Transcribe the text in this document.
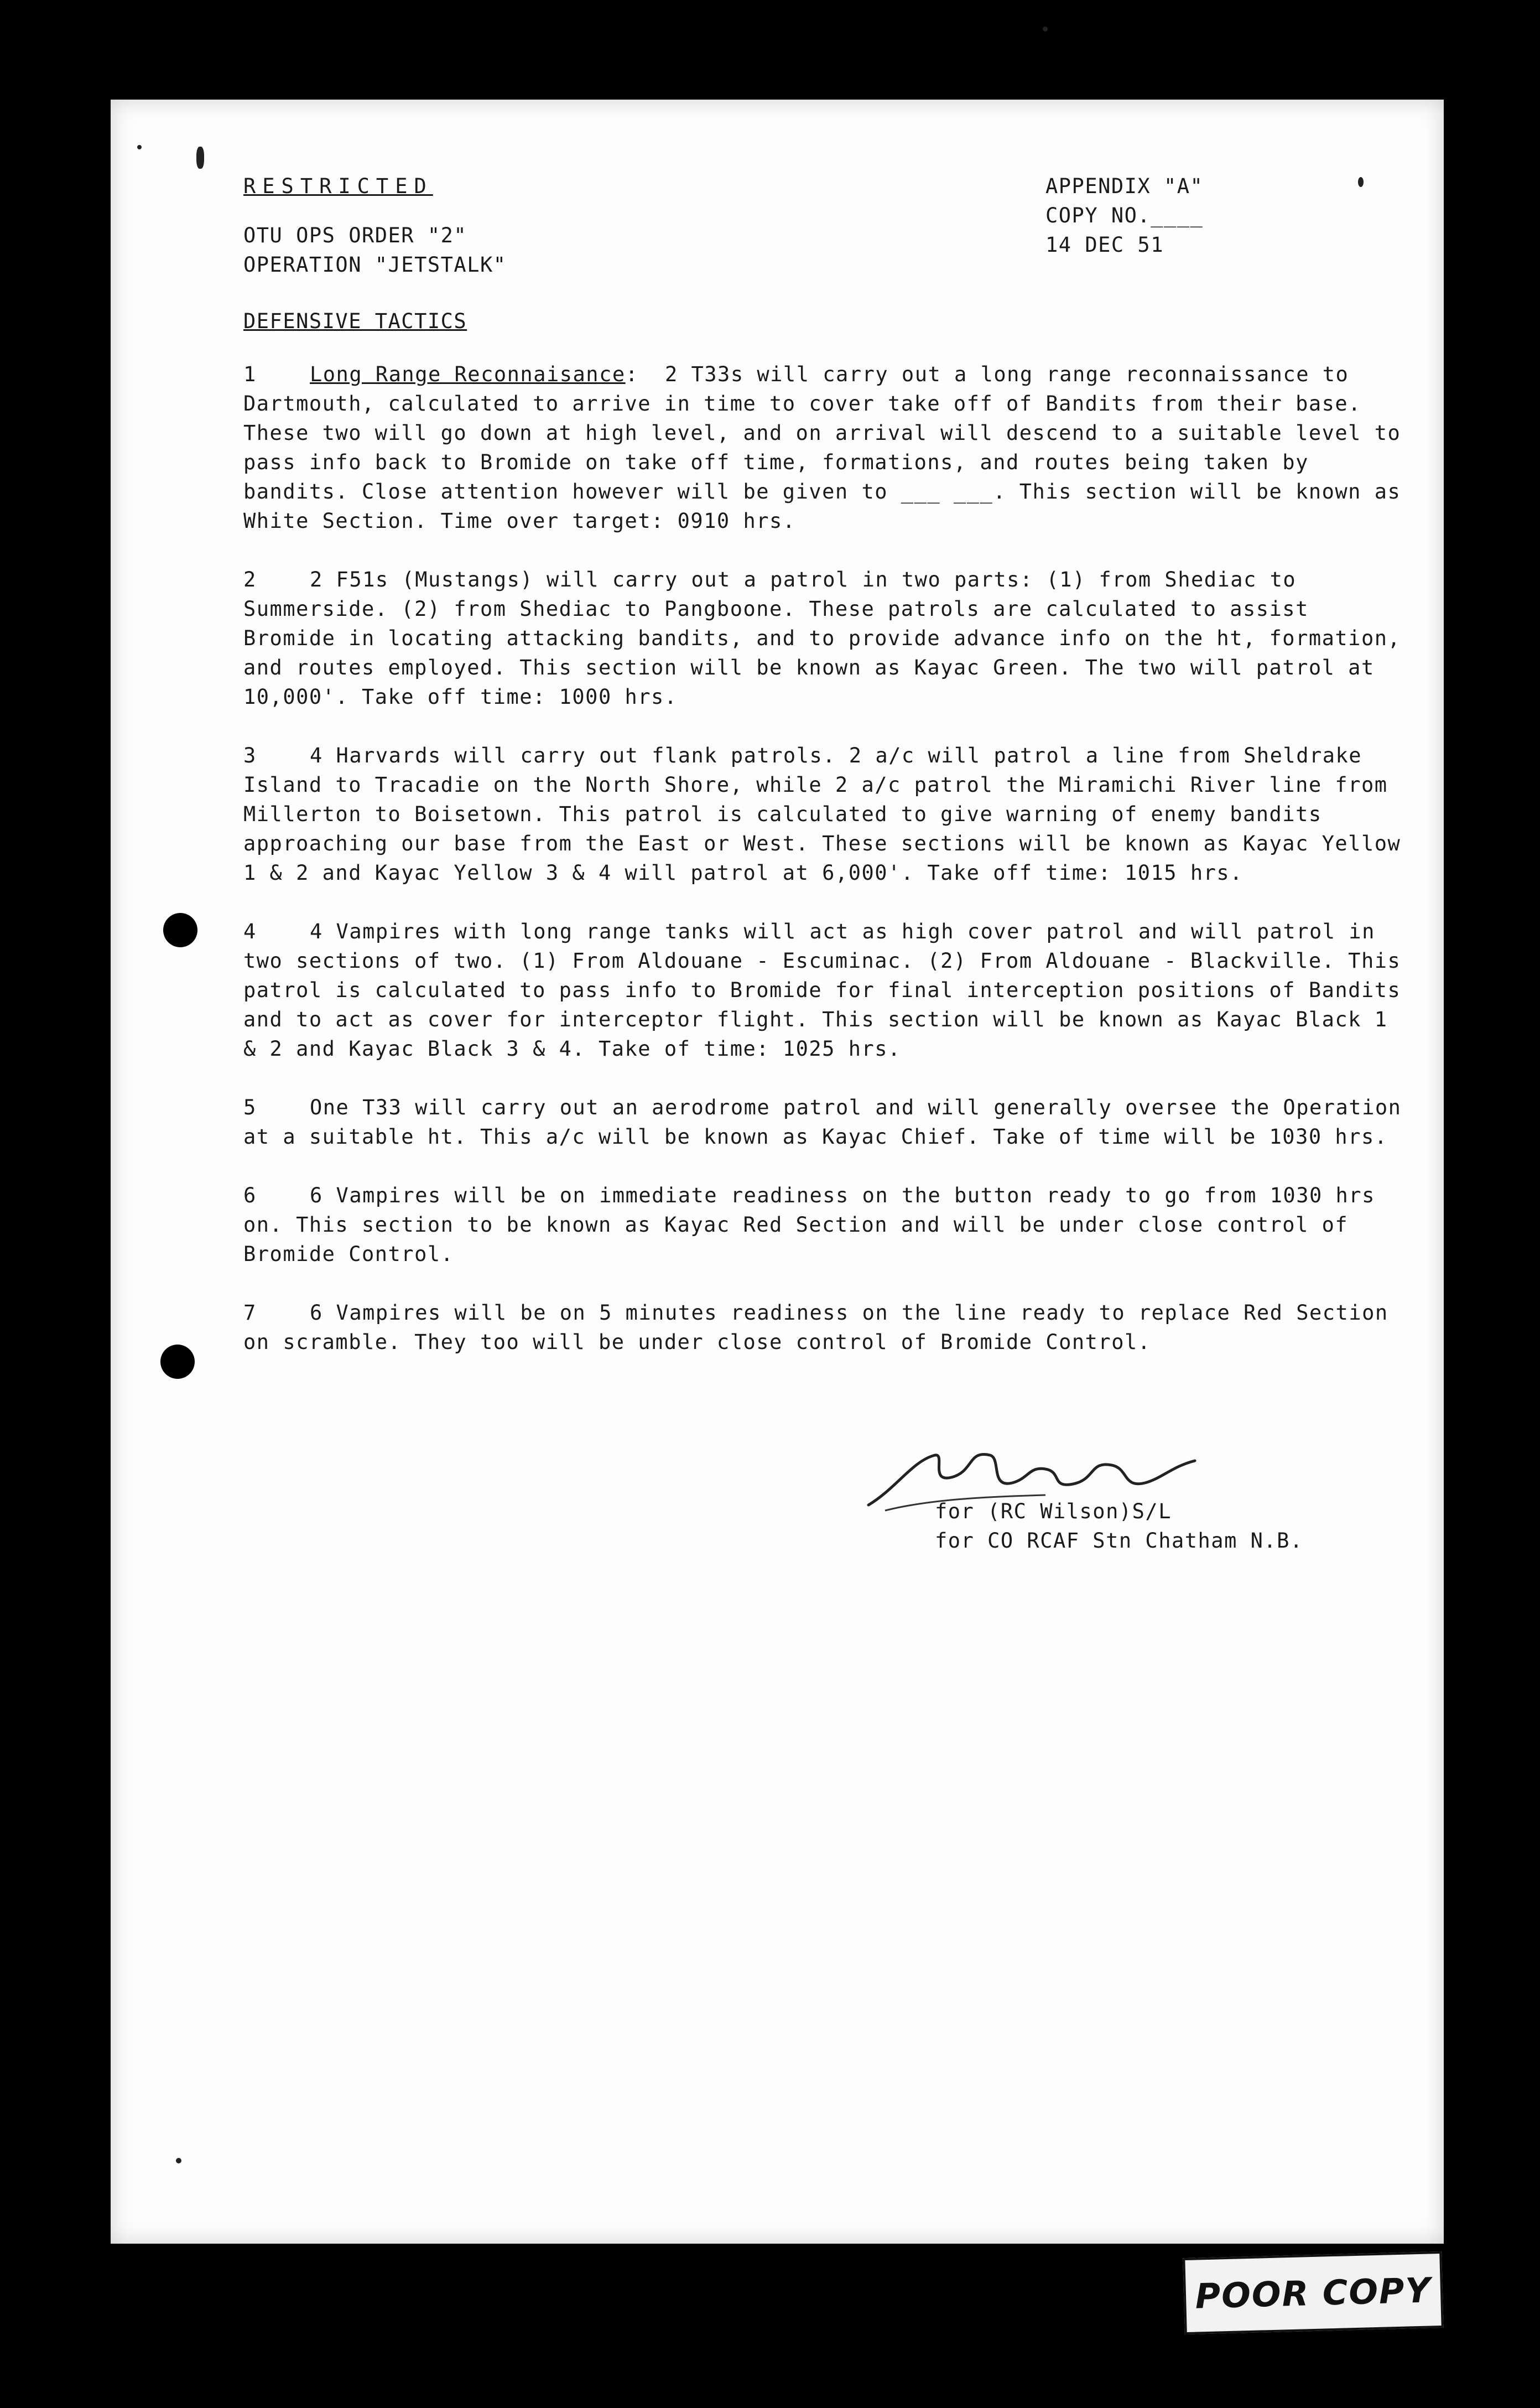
RESTRICTED
OTU OPS ORDER "2"
OPERATION "JETSTALK"
APPENDIX "A"
COPY NO.____
14 DEC 51
DEFENSIVE TACTICS

1	Long Range Reconnaisance:  2 T33s will carry out a long range reconnaissance to Dartmouth, calculated to arrive in time to cover take off of Bandits from their base. These two will go down at high level, and on arrival will descend to a suitable level to pass info back to Bromide on take off time, formations, and routes being taken by bandits. Close attention however will be given to ___ ___. This section will be known as White Section. Time over target: 0910 hrs.

2	2 F51s (Mustangs) will carry out a patrol in two parts: (1) from Shediac to Summerside. (2) from Shediac to Pangboone. These patrols are calculated to assist Bromide in locating attacking bandits, and to provide advance info on the ht, formation, and routes employed. This section will be known as Kayac Green. The two will patrol at 10,000'. Take off time: 1000 hrs.

3	4 Harvards will carry out flank patrols. 2 a/c will patrol a line from Sheldrake Island to Tracadie on the North Shore, while 2 a/c patrol the Miramichi River line from Millerton to Boisetown. This patrol is calculated to give warning of enemy bandits approaching our base from the East or West. These sections will be known as Kayac Yellow 1 & 2 and Kayac Yellow 3 & 4 will patrol at 6,000'. Take off time: 1015 hrs.

4	4 Vampires with long range tanks will act as high cover patrol and will patrol in two sections of two. (1) From Aldouane - Escuminac. (2) From Aldouane - Blackville. This patrol is calculated to pass info to Bromide for final interception positions of Bandits and to act as cover for interceptor flight. This section will be known as Kayac Black 1 & 2 and Kayac Black 3 & 4. Take of time: 1025 hrs.

5	One T33 will carry out an aerodrome patrol and will generally oversee the Operation at a suitable ht. This a/c will be known as Kayac Chief. Take of time will be 1030 hrs.

6	6 Vampires will be on immediate readiness on the button ready to go from 1030 hrs on. This section to be known as Kayac Red Section and will be under close control of Bromide Control.

7	6 Vampires will be on 5 minutes readiness on the line ready to replace Red Section on scramble. They too will be under close control of Bromide Control.

for (RC Wilson)S/L
for CO RCAF Stn Chatham N.B.
POOR COPY
